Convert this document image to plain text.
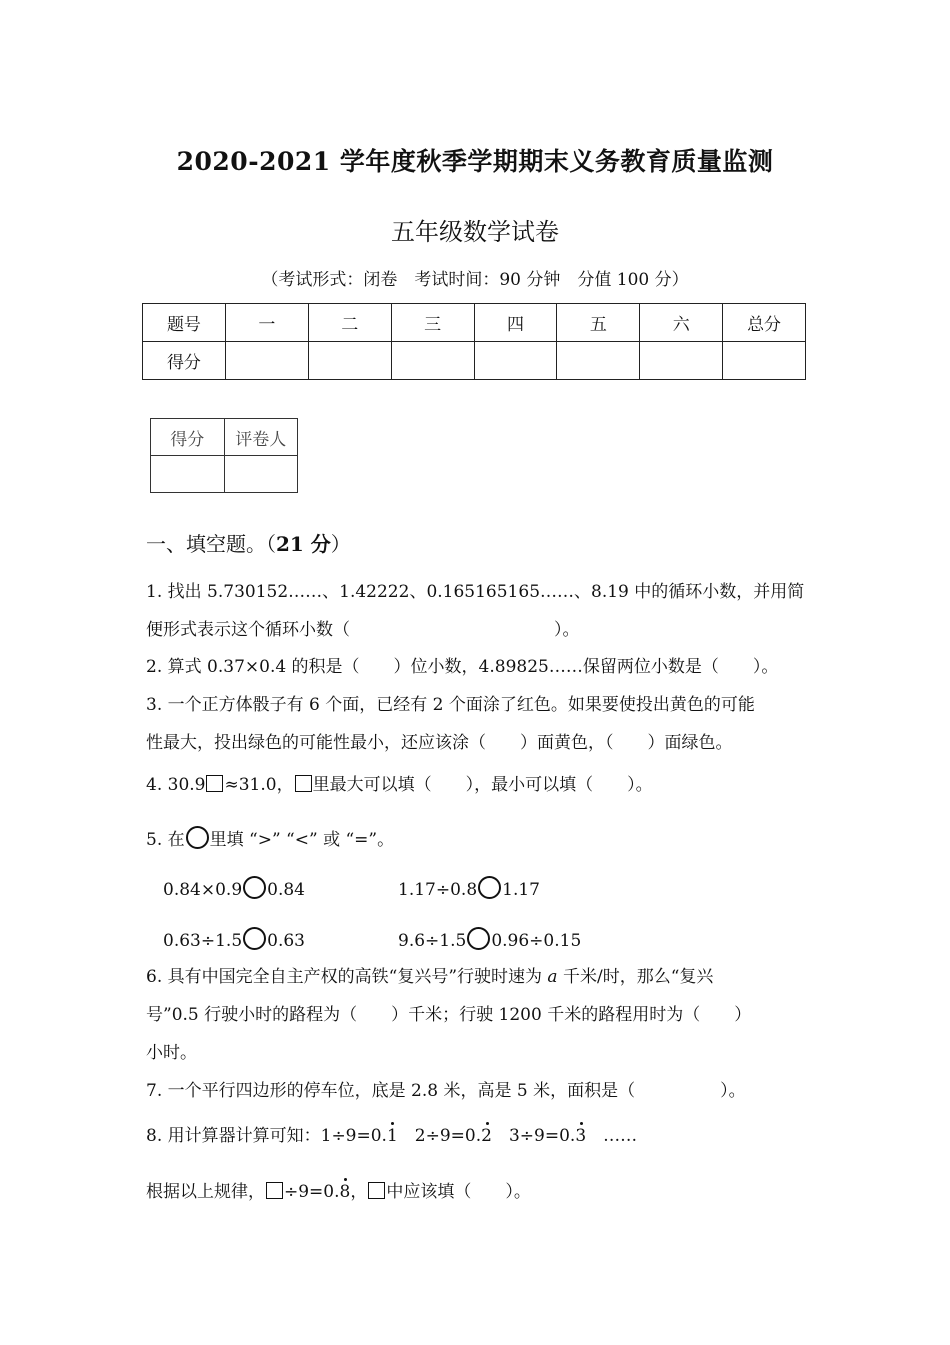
2020-2021 学年度秋季学期期末义务教育质量监测
五年级数学试卷
（考试形式：闭卷　考试时间：90 分钟　分值 100 分）
题号	一	二	三	四	五	六	总分
得分							
得分	评卷人

一、填空题。（21 分）
1. 找出 5.730152……、1.42222、0.165165165……、8.19 中的循环小数，并用简
便形式表示这个循环小数（　　　　　　　　　　　　）。
2. 算式 0.37×0.4 的积是（　　）位小数，4.89825……保留两位小数是（　　）。
3. 一个正方体骰子有 6 个面，已经有 2 个面涂了红色。如果要使投出黄色的可能
性最大，投出绿色的可能性最小，还应该涂（　　）面黄色，（　　）面绿色。
4. 30.9 ≈31.0， 里最大可以填（　　），最小可以填（　　）。
5. 在 里填 “>” “<” 或 “=”。
0.84×0.9 0.84	1.17÷0.8 1.17
0.63÷1.5 0.63	9.6÷1.5 0.96÷0.15
6. 具有中国完全自主产权的高铁“复兴号”行驶时速为 a 千米/时，那么“复兴
号”0.5 行驶小时的路程为（　　）千米；行驶 1200 千米的路程用时为（　　）
小时。
7. 一个平行四边形的停车位，底是 2.8 米，高是 5 米，面积是（　　　　　）。
8. 用计算器计算可知：1÷9=0.1
　2÷9=0.2
　3÷9=0.3
　……
根据以上规律， ÷9=0.8
， 中应该填（　　）。
